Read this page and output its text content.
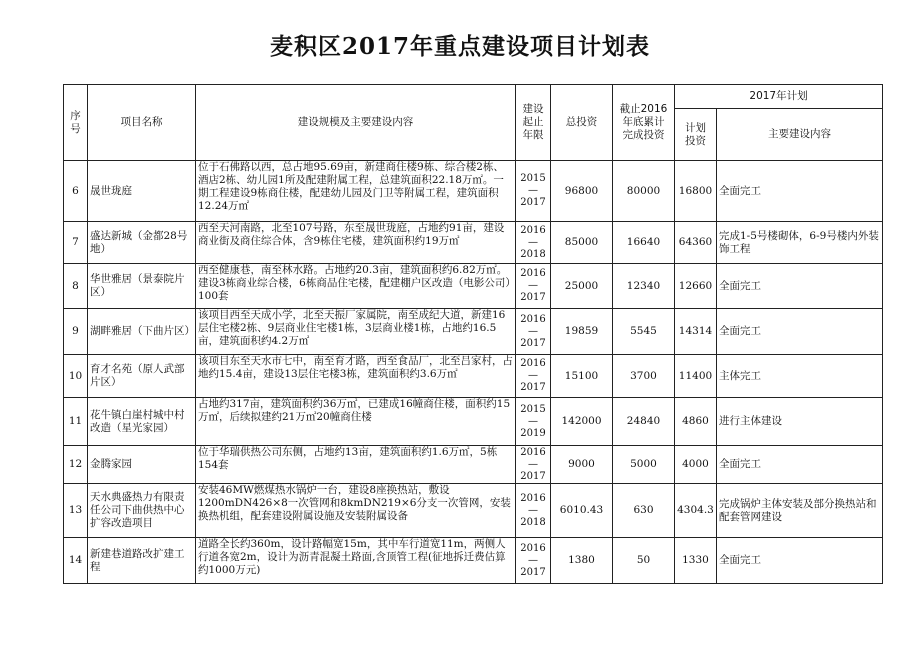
麦积区2017年重点建设项目计划表
序
号	项目名称	建设规模及主要建设内容	建设
起止
年限	总投资	截止2016
年底累计
完成投资	2017年计划	
						计划
投资	主要建设内容
6	晟世珑庭	位于石佛路以西，总占地95.69亩，新建商住楼9栋、综合楼2栋、酒店2栋、幼儿园1所及配建附属工程，总建筑面积22.18万㎡。一期工程建设9栋商住楼，配建幼儿园及门卫等附属工程，建筑面积12.24万㎡	2015
—
2017	96800	80000	16800	全面完工
7	盛达新城（金都28号地）	西至天河南路，北至107号路，东至晟世珑庭，占地约91亩，建设商业街及商住综合体，含9栋住宅楼，建筑面积约19万㎡	2016
—
2018	85000	16640	64360	完成1-5号楼砌体，6-9号楼内外装饰工程
8	华世雅居（景泰院片区）	西至健康巷，南至林水路。占地约20.3亩，建筑面积约6.82万㎡。建设3栋商业综合楼，6栋商品住宅楼，配建棚户区改造（电影公司）100套	2016
—
2017	25000	12340	12660	全面完工
9	湖畔雅居（下曲片区）	该项目西至天成小学，北至天振厂家属院，南至成纪大道，新建16层住宅楼2栋、9层商业住宅楼1栋，3层商业楼1栋，占地约16.5亩，建筑面积约4.2万㎡	2016
—
2017	19859	5545	14314	全面完工
10	育才名苑（原人武部片区）	该项目东至天水市七中，南至育才路，西至食品厂，北至吕家村，占地约15.4亩，建设13层住宅楼3栋，建筑面积约3.6万㎡	2016
—
2017	15100	3700	11400	主体完工
11	花牛镇白崖村城中村改造（星光家园）	占地约317亩，建筑面积约36万㎡，已建成16幢商住楼，面积约15万㎡，后续拟建约21万㎡20幢商住楼	2015
—
2019	142000	24840	4860	进行主体建设
12	金腾家园	位于华瑞供热公司东侧，占地约13亩，建筑面积约1.6万㎡，5栋154套	2016
—
2017	9000	5000	4000	全面完工
13	天水典盛热力有限责任公司下曲供热中心扩容改造项目	安装46MW燃煤热水锅炉一台，建设8座换热站，敷设1200mDN426×8一次管网和8kmDN219×6分支一次管网，安装换热机组，配套建设附属设施及安装附属设备	2016
—
2018	6010.43	630	4304.3	完成锅炉主体安装及部分换热站和配套管网建设
14	新建巷道路改扩建工程	道路全长约360m，设计路幅宽15m，其中车行道宽11m，两侧人行道各宽2m，设计为沥青混凝土路面,含顶管工程(征地拆迁费估算约1000万元)	2016
—
2017	1380	50	1330	全面完工
